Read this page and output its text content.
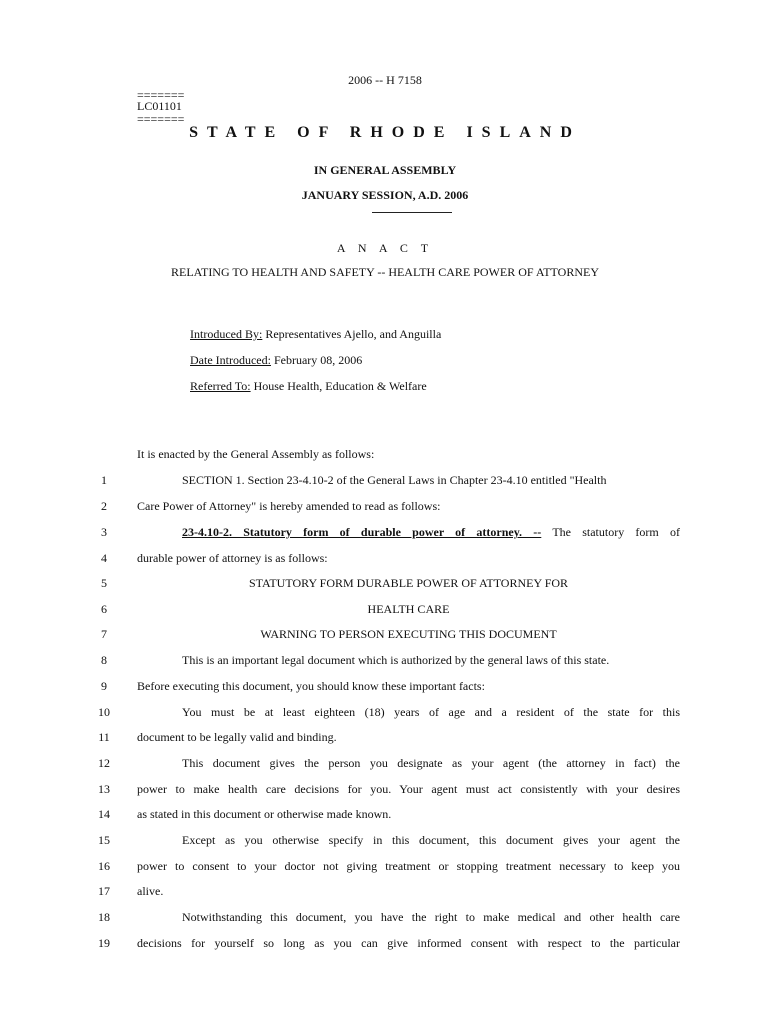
2006 -- H 7158
=======
LC01101
=======
STATE OF RHODE ISLAND
IN GENERAL ASSEMBLY
JANUARY SESSION, A.D. 2006
A N A C T
RELATING TO HEALTH AND SAFETY -- HEALTH CARE POWER OF ATTORNEY
Introduced By: Representatives Ajello, and Anguilla
Date Introduced: February 08, 2006
Referred To: House Health, Education & Welfare
It is enacted by the General Assembly as follows:
1	SECTION 1. Section 23-4.10-2 of the General Laws in Chapter 23-4.10 entitled "Health
2	Care Power of Attorney" is hereby amended to read as follows:
3	23-4.10-2. Statutory form of durable power of attorney. -- The statutory form of
4	durable power of attorney is as follows:
5	STATUTORY FORM DURABLE POWER OF ATTORNEY FOR
6	HEALTH CARE
7	WARNING TO PERSON EXECUTING THIS DOCUMENT
8	This is an important legal document which is authorized by the general laws of this state.
9	Before executing this document, you should know these important facts:
10	You must be at least eighteen (18) years of age and a resident of the state for this
11	document to be legally valid and binding.
12	This document gives the person you designate as your agent (the attorney in fact) the
13	power to make health care decisions for you. Your agent must act consistently with your desires
14	as stated in this document or otherwise made known.
15	Except as you otherwise specify in this document, this document gives your agent the
16	power to consent to your doctor not giving treatment or stopping treatment necessary to keep you
17	alive.
18	Notwithstanding this document, you have the right to make medical and other health care
19	decisions for yourself so long as you can give informed consent with respect to the particular
